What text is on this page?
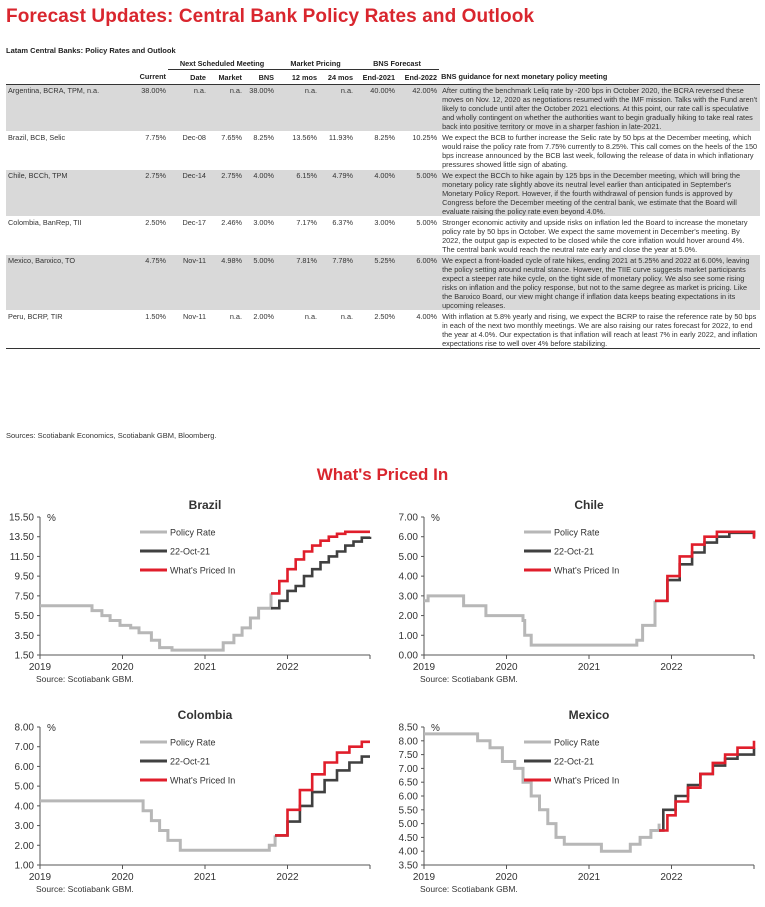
Forecast Updates: Central Bank Policy Rates and Outlook
Latam Central Banks: Policy Rates and Outlook
		Next Scheduled Meeting			Market Pricing		BNS Forecast		
	Current	Date	Market	BNS	12 mos	24 mos	End-2021	End-2022	BNS guidance for next monetary policy meeting
Argentina, BCRA, TPM, n.a.	38.00%	n.a.	n.a.	38.00%	n.a.	n.a.	40.00%	42.00%	After cutting the benchmark Leliq rate by -200 bps in October 2020, the BCRA reversed these moves on Nov. 12, 2020 as negotiations resumed with the IMF mission. Talks with the Fund aren't likely to conclude until after the October 2021 elections. At this point, our rate call is speculative and wholly contingent on whether the authorities want to begin gradually hiking to take real rates back into positive territory or move in a sharper fashion in late-2021.
Brazil, BCB, Selic	7.75%	Dec-08	7.65%	8.25%	13.56%	11.93%	8.25%	10.25%	We expect the BCB to further increase the Selic rate by 50 bps at the December meeting, which would raise the policy rate from 7.75% currently to 8.25%. This call comes on the heels of the 150 bps increase announced by the BCB last week, following the release of data in which inflationary pressures showed little sign of abating.
Chile, BCCh, TPM	2.75%	Dec-14	2.75%	4.00%	6.15%	4.79%	4.00%	5.00%	We expect the BCCh to hike again by 125 bps in the December meeting, which will bring the monetary policy rate slightly above its neutral level earlier than anticipated in September's Monetary Policy Report. However, if the fourth withdrawal of pension funds is approved by Congress before the December meeting of the central bank, we estimate that the Board will evaluate raising the policy rate even beyond 4.0%.
Colombia, BanRep, TII	2.50%	Dec-17	2.46%	3.00%	7.17%	6.37%	3.00%	5.00%	Stronger economic activity and upside risks on inflation led the Board to increase the monetary policy rate by 50 bps in October. We expect the same movement in December's meeting. By 2022, the output gap is expected to be closed while the core inflation would hover around 4%. The central bank would reach the neutral rate early and close the year at 5.0%.
Mexico, Banxico, TO	4.75%	Nov-11	4.98%	5.00%	7.81%	7.78%	5.25%	6.00%	We expect a front-loaded cycle of rate hikes, ending 2021 at 5.25% and 2022 at 6.00%, leaving the policy setting around neutral stance. However, the TIIE curve suggests market participants expect a steeper rate hike cycle, on the tight side of monetary policy. We also see some rising risks on inflation and the policy response, but not to the same degree as market is pricing. Like the Banxico Board, our view might change if inflation data keeps beating expectations in its upcoming releases.
Peru, BCRP, TIR	1.50%	Nov-11	n.a.	2.00%	n.a.	n.a.	2.50%	4.00%	With inflation at 5.8% yearly and rising, we expect the BCRP to raise the reference rate by 50 bps in each of the next two monthly meetings. We are also raising our rates forecast for 2022, to end the year at 4.0%. Our expectation is that inflation will reach at least 7% in early 2022, and inflation expectations rise to well over 4% before stabilizing.
Sources: Scotiabank Economics, Scotiabank GBM, Bloomberg.
What's Priced In
Brazil
%
15.50
13.50
11.50
9.50
7.50
5.50
3.50
1.50
2019	2020	2021	2022
Policy Rate
22-Oct-21
What's Priced In
Source: Scotiabank GBM.
Chile
%
7.00
6.00
5.00
4.00
3.00
2.00
1.00
0.00
2019	2020	2021	2022
Policy Rate
22-Oct-21
What's Priced In
Source: Scotiabank GBM.
Colombia
%
8.00
7.00
6.00
5.00
4.00
3.00
2.00
1.00
2019	2020	2021	2022
Policy Rate
22-Oct-21
What's Priced In
Source: Scotiabank GBM.
Mexico
%
8.50
8.00
7.50
7.00
6.50
6.00
5.50
5.00
4.50
4.00
3.50
2019	2020	2021	2022
Policy Rate
22-Oct-21
What's Priced In
Source: Scotiabank GBM.
